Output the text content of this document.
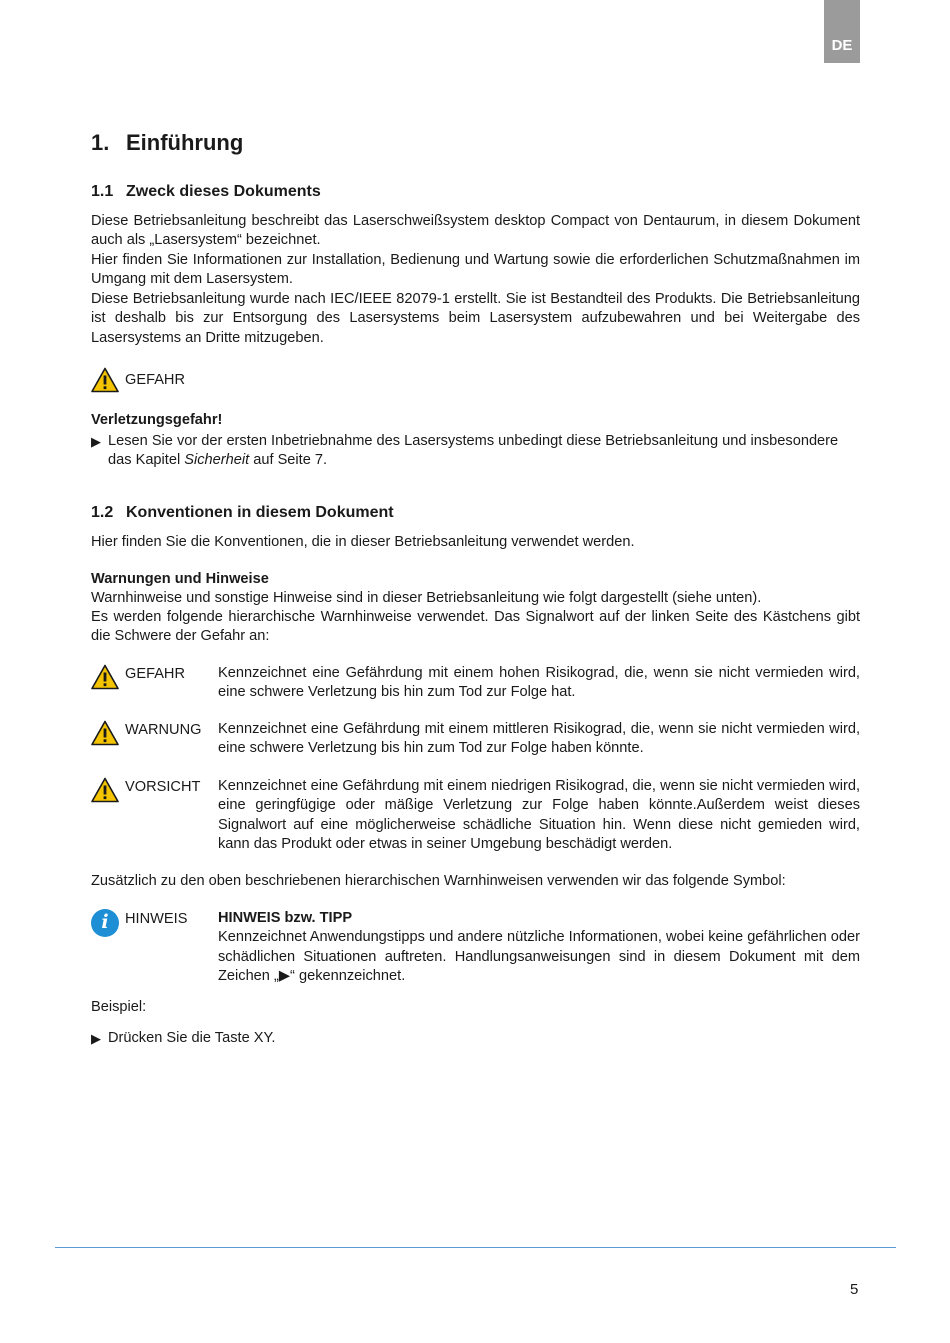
DE
1. Einführung
1.1 Zweck dieses Dokuments

Diese Betriebsanleitung beschreibt das Laserschweißsystem desktop Compact von Dentaurum, in diesem Dokument auch als „Lasersystem“ bezeichnet.

Hier finden Sie Informationen zur Installation, Bedienung und Wartung sowie die erforderlichen Schutzmaßnahmen im Umgang mit dem Lasersystem.

Diese Betriebsanleitung wurde nach IEC/IEEE 82079-1 erstellt. Sie ist Bestandteil des Produkts. Die Betriebsanleitung ist deshalb bis zur Entsorgung des Lasersystems beim Lasersystem aufzubewahren und bei Weitergabe des Lasersystems an Dritte mitzugeben.

GEFAHR

Verletzungsgefahr!

▶ Lesen Sie vor der ersten Inbetriebnahme des Lasersystems unbedingt diese Betriebsanleitung und insbesondere das Kapitel Sicherheit auf Seite 7.
1.2 Konventionen in diesem Dokument

Hier finden Sie die Konventionen, die in dieser Betriebsanleitung verwendet werden.

Warnungen und Hinweise

Warnhinweise und sonstige Hinweise sind in dieser Betriebsanleitung wie folgt dargestellt (siehe unten).

Es werden folgende hierarchische Warnhinweise verwendet. Das Signalwort auf der linken Seite des Kästchens gibt die Schwere der Gefahr an:

GEFAHR Kennzeichnet eine Gefährdung mit einem hohen Risikograd, die, wenn sie nicht vermieden wird, eine schwere Verletzung bis hin zum Tod zur Folge hat.
WARNUNG Kennzeichnet eine Gefährdung mit einem mittleren Risikograd, die, wenn sie nicht vermieden wird, eine schwere Verletzung bis hin zum Tod zur Folge haben könnte.
VORSICHT Kennzeichnet eine Gefährdung mit einem niedrigen Risikograd, die, wenn sie nicht vermieden wird, eine geringfügige oder mäßige Verletzung zur Folge haben könnte.Außerdem weist dieses Signalwort auf eine möglicherweise schädliche Situation hin. Wenn diese nicht gemieden wird, kann das Produkt oder etwas in seiner Umgebung beschädigt werden.

Zusätzlich zu den oben beschriebenen hierarchischen Warnhinweisen verwenden wir das folgende Symbol:

i	HINWEIS HINWEIS bzw. TIPP
Kennzeichnet Anwendungstipps und andere nützliche Informationen, wobei keine gefährlichen oder schädlichen Situationen auftreten. Handlungsanweisungen sind in diesem Dokument mit dem Zeichen „▶“ gekennzeichnet.

Beispiel:

▶ Drücken Sie die Taste XY.
5
